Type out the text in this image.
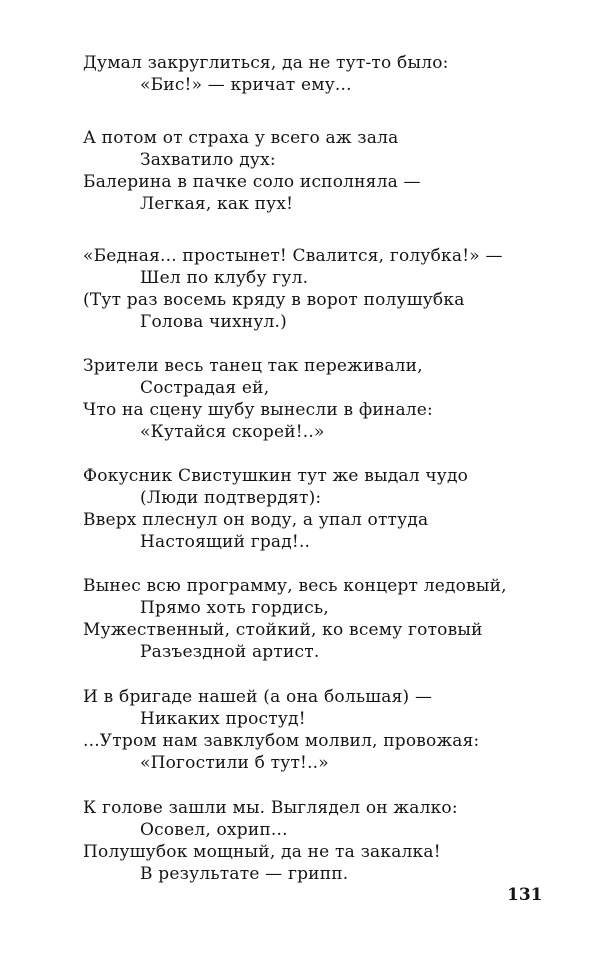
Думал закруглиться, да не тут-то было:
«Бис!» — кричат ему...
А потом от страха у всего аж зала
Захватило дух:
Балерина в пачке соло исполняла —
Легкая, как пух!
«Бедная... простынет! Свалится, голубка!» —
Шел по клубу гул.
(Тут раз восемь кряду в ворот полушубка
Голова чихнул.)
Зрители весь танец так переживали,
Сострадая ей,
Что на сцену шубу вынесли в финале:
«Кутайся скорей!..»
Фокусник Свистушкин тут же выдал чудо
(Люди подтвердят):
Вверх плеснул он воду, а упал оттуда
Настоящий град!..
Вынес всю программу, весь концерт ледовый,
Прямо хоть гордись,
Мужественный, стойкий, ко всему готовый
Разъездной артист.
И в бригаде нашей (а она большая) —
Никаких простуд!
...Утром нам завклубом молвил, провожая:
«Погостили б тут!..»
К голове зашли мы. Выглядел он жалко:
Осовел, охрип...
Полушубок мощный, да не та закалка!
В результате — грипп.
131
